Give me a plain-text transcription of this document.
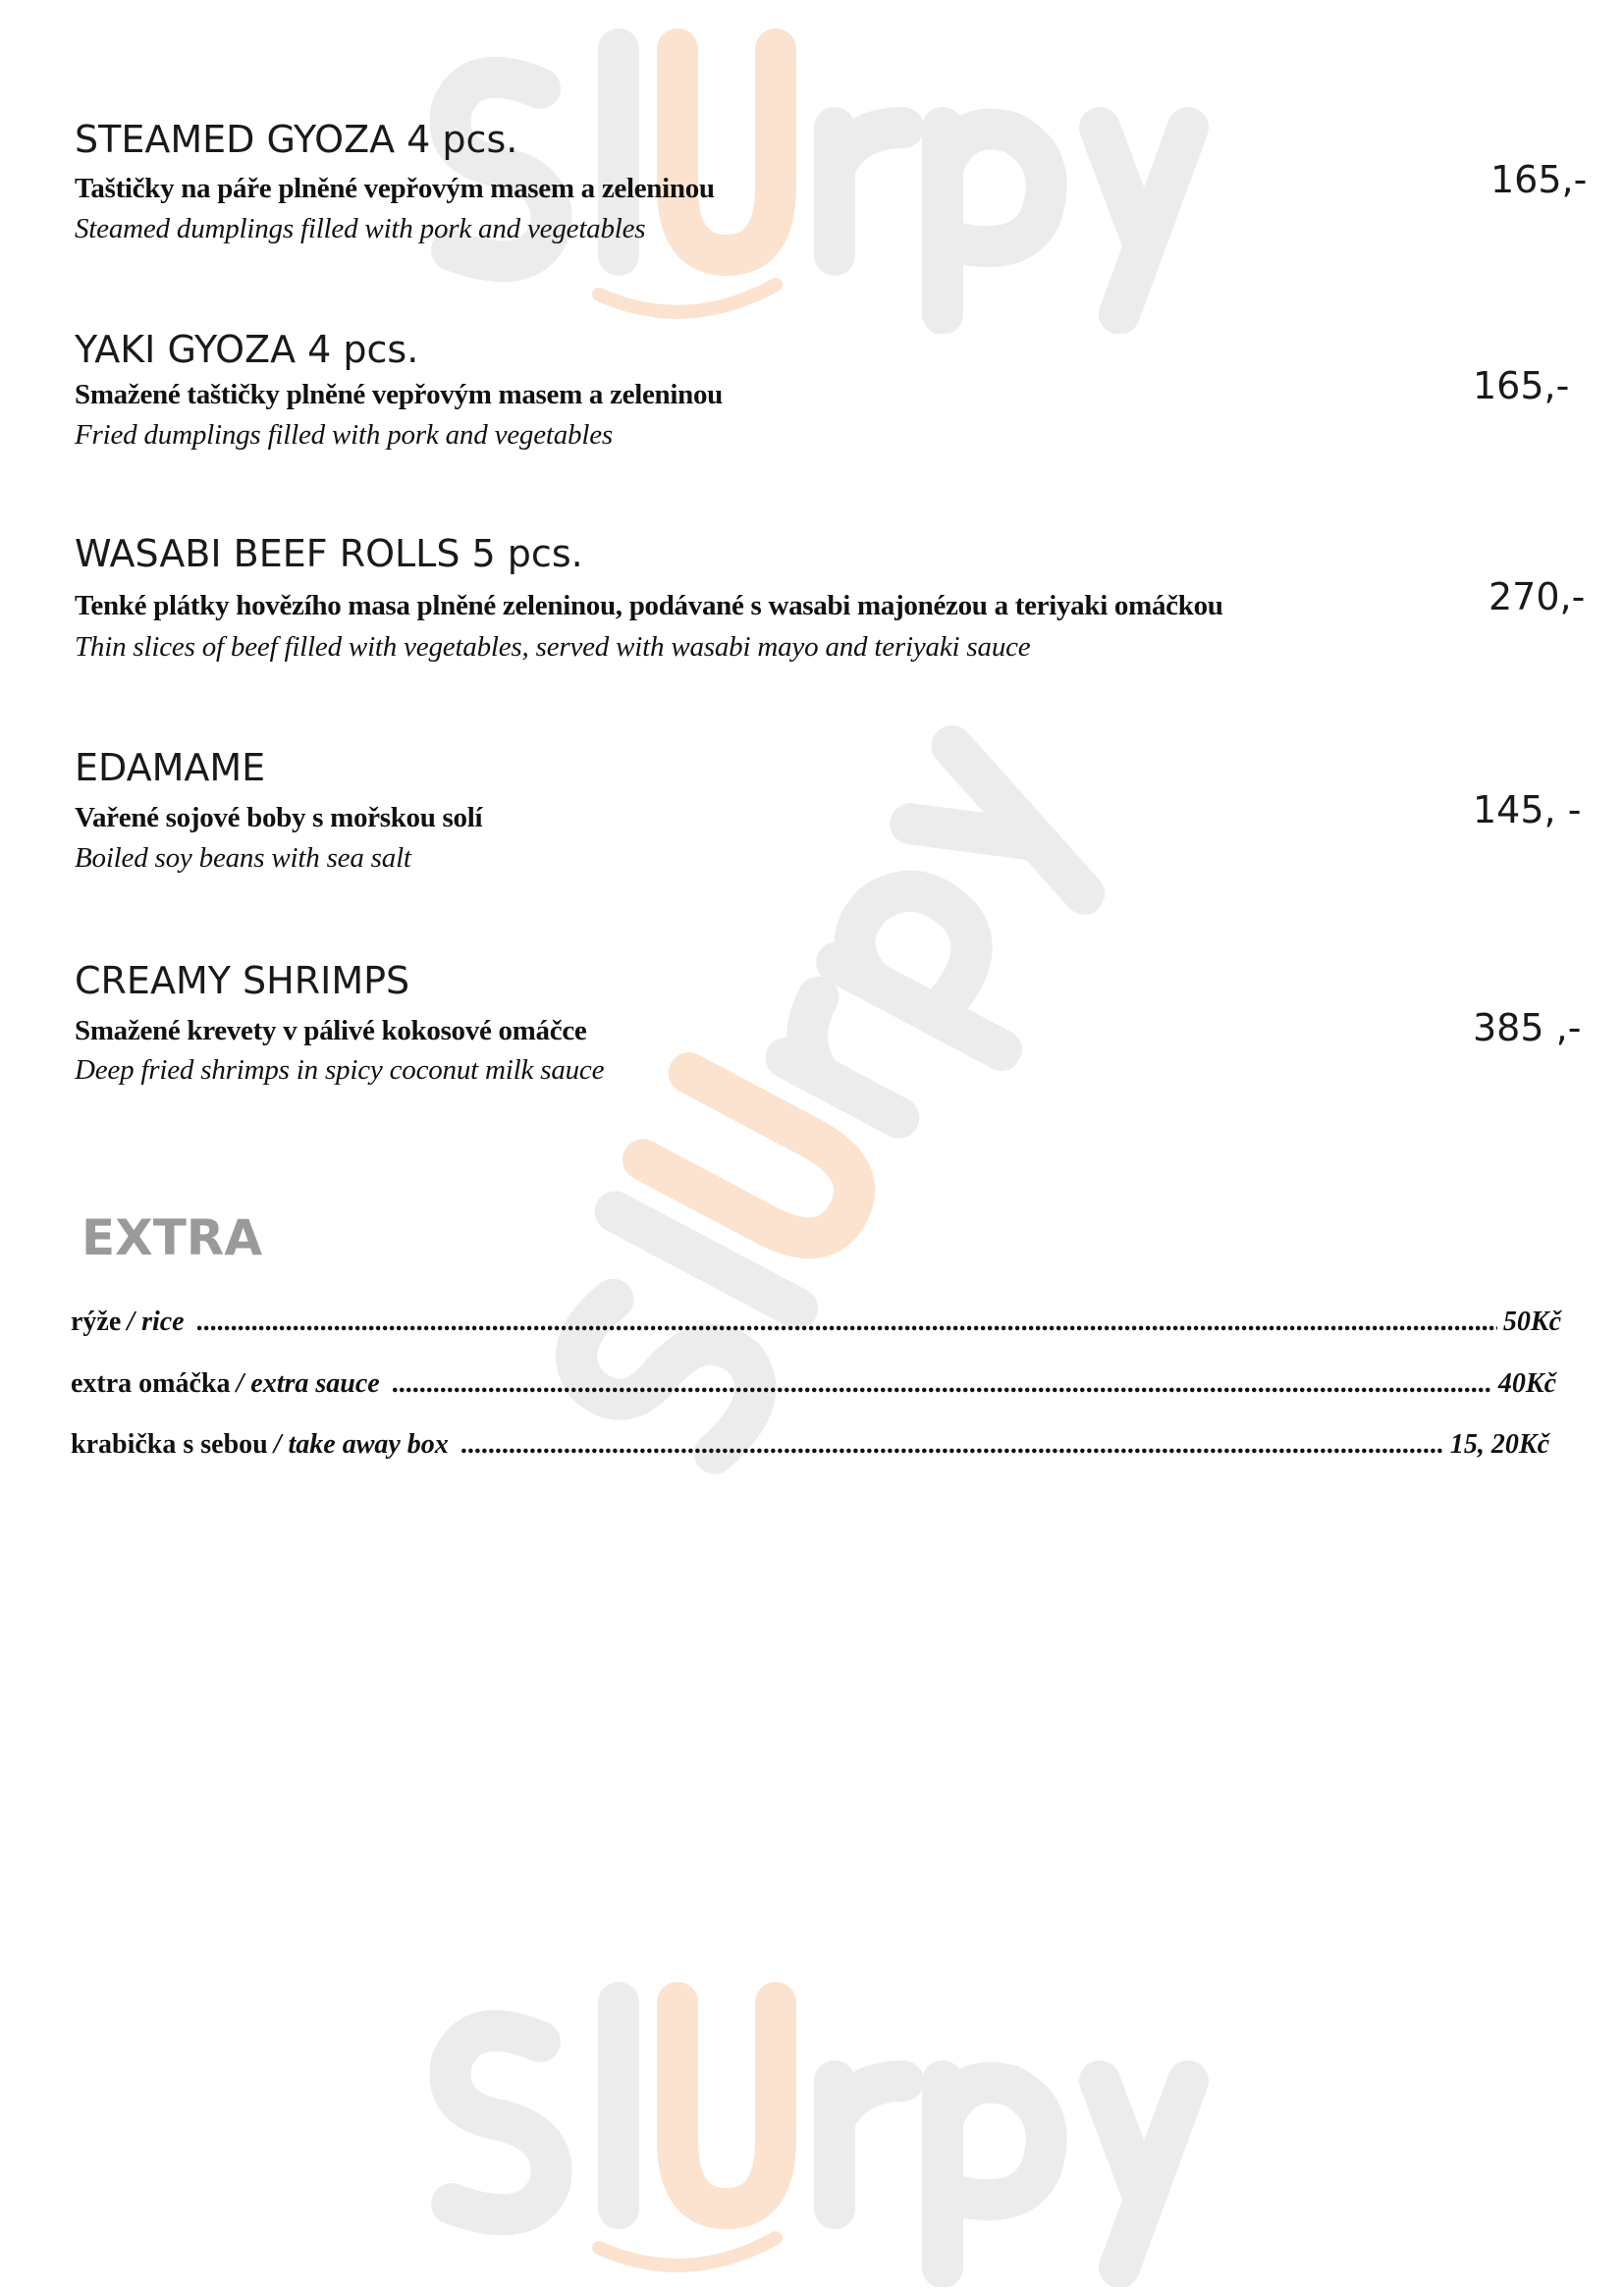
STEAMED GYOZA 4 pcs.
Taštičky na páře plněné vepřovým masem a zeleninou
Steamed dumplings filled with pork and vegetables
165,-
YAKI GYOZA 4 pcs.
Smažené taštičky plněné vepřovým masem a zeleninou
Fried dumplings filled with pork and vegetables
165,-
WASABI BEEF ROLLS 5 pcs.
Tenké plátky hovězího masa plněné zeleninou, podávané s wasabi majonézou a teriyaki omáčkou
Thin slices of beef filled with vegetables, served with wasabi mayo and teriyaki sauce
270,-
EDAMAME
Vařené sojové boby s mořskou solí
Boiled soy beans with sea salt
145, -
CREAMY SHRIMPS
Smažené krevety v pálivé kokosové omáčce
Deep fried shrimps in spicy coconut milk sauce
385 ,-
EXTRA
rýže / rice .....	50Kč
extra omáčka / extra sauce .....	40Kč
krabička s sebou / take away box .....	15, 20Kč
